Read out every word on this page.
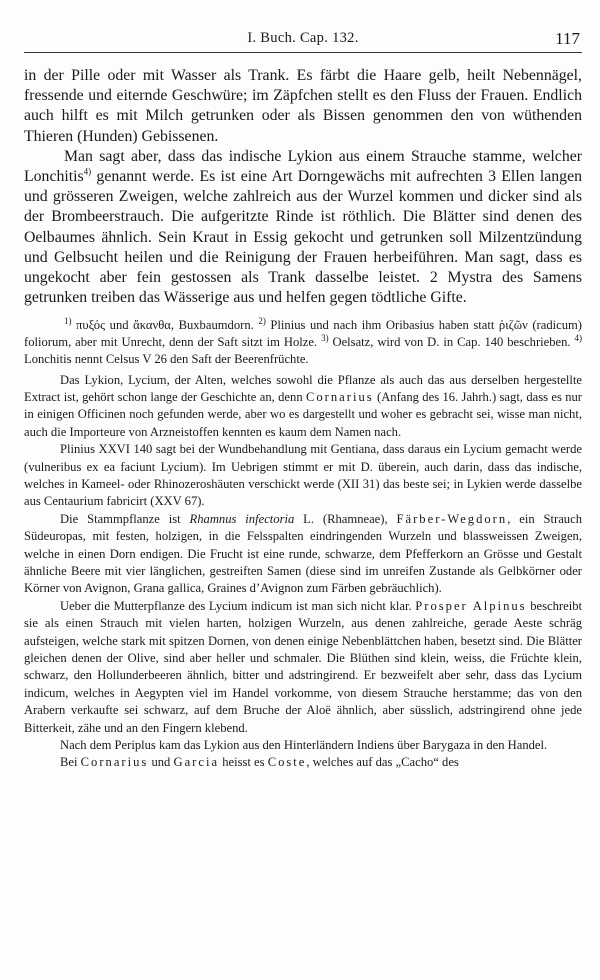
I. Buch. Cap. 132.	117

in der Pille oder mit Wasser als Trank. Es färbt die Haare gelb, heilt Nebennägel, fressende und eiternde Geschwüre; im Zäpfchen stellt es den Fluss der Frauen. Endlich auch hilft es mit Milch getrunken oder als Bissen genommen den von wüthenden Thieren (Hunden) Gebissenen.

Man sagt aber, dass das indische Lykion aus einem Strauche stamme, welcher Lonchitis$^{4)}$ genannt werde. Es ist eine Art Dorngewächs mit aufrechten 3 Ellen langen und grösseren Zweigen, welche zahlreich aus der Wurzel kommen und dicker sind als der Brombeerstrauch. Die aufgeritzte Rinde ist röthlich. Die Blätter sind denen des Oelbaumes ähnlich. Sein Kraut in Essig gekocht und getrunken soll Milzentzündung und Gelbsucht heilen und die Reinigung der Frauen herbeiführen. Man sagt, dass es ungekocht aber fein gestossen als Trank dasselbe leistet. 2 Mystra des Samens getrunken treiben das Wässerige aus und helfen gegen tödtliche Gifte.

$^{1)}$ πυξός und ἄκανθα, Buxbaumdorn. $^{2)}$ Plinius und nach ihm Oribasius haben statt ῥιζῶν (radicum) foliorum, aber mit Unrecht, denn der Saft sitzt im Holze. $^{3)}$ Oelsatz, wird von D. in Cap. 140 beschrieben. $^{4)}$ Lonchitis nennt Celsus V 26 den Saft der Beerenfrüchte.

Das Lykion, Lycium, der Alten, welches sowohl die Pflanze als auch das aus derselben hergestellte Extract ist, gehört schon lange der Geschichte an, denn Cornarius (Anfang des 16. Jahrh.) sagt, dass es nur in einigen Officinen noch gefunden werde, aber wo es dargestellt und woher es gebracht sei, wisse man nicht, auch die Importeure von Arzneistoffen kennten es kaum dem Namen nach.

Plinius XXVI 140 sagt bei der Wundbehandlung mit Gentiana, dass daraus ein Lycium gemacht werde (vulneribus ex ea faciunt Lycium). Im Uebrigen stimmt er mit D. überein, auch darin, dass das indische, welches in Kameel- oder Rhinozeroshäuten verschickt werde (XII 31) das beste sei; in Lykien werde dasselbe aus Centaurium fabricirt (XXV 67).

Die Stammpflanze ist Rhamnus infectoria L. (Rhamneae), Färber-Wegdorn, ein Strauch Südeuropas, mit festen, holzigen, in die Felsspalten eindringenden Wurzeln und blassweissen Zweigen, welche in einen Dorn endigen. Die Frucht ist eine runde, schwarze, dem Pfefferkorn an Grösse und Gestalt ähnliche Beere mit vier länglichen, gestreiften Samen (diese sind im unreifen Zustande als Gelbkörner oder Körner von Avignon, Grana gallica, Graines d’Avignon zum Färben gebräuchlich).

Ueber die Mutterpflanze des Lycium indicum ist man sich nicht klar. Prosper Alpinus beschreibt sie als einen Strauch mit vielen harten, holzigen Wurzeln, aus denen zahlreiche, gerade Aeste schräg aufsteigen, welche stark mit spitzen Dornen, von denen einige Nebenblättchen haben, besetzt sind. Die Blätter gleichen denen der Olive, sind aber heller und schmaler. Die Blüthen sind klein, weiss, die Früchte klein, schwarz, den Hollunderbeeren ähnlich, bitter und adstringirend. Er bezweifelt aber sehr, dass das Lycium indicum, welches in Aegypten viel im Handel vorkomme, von diesem Strauche herstamme; das von den Arabern verkaufte sei schwarz, auf dem Bruche der Aloë ähnlich, aber süsslich, adstringirend ohne jede Bitterkeit, zähe und an den Fingern klebend.

Nach dem Periplus kam das Lykion aus den Hinterländern Indiens über Barygaza in den Handel.

Bei Cornarius und Garcia heisst es Coste, welches auf das „Cacho“ des
